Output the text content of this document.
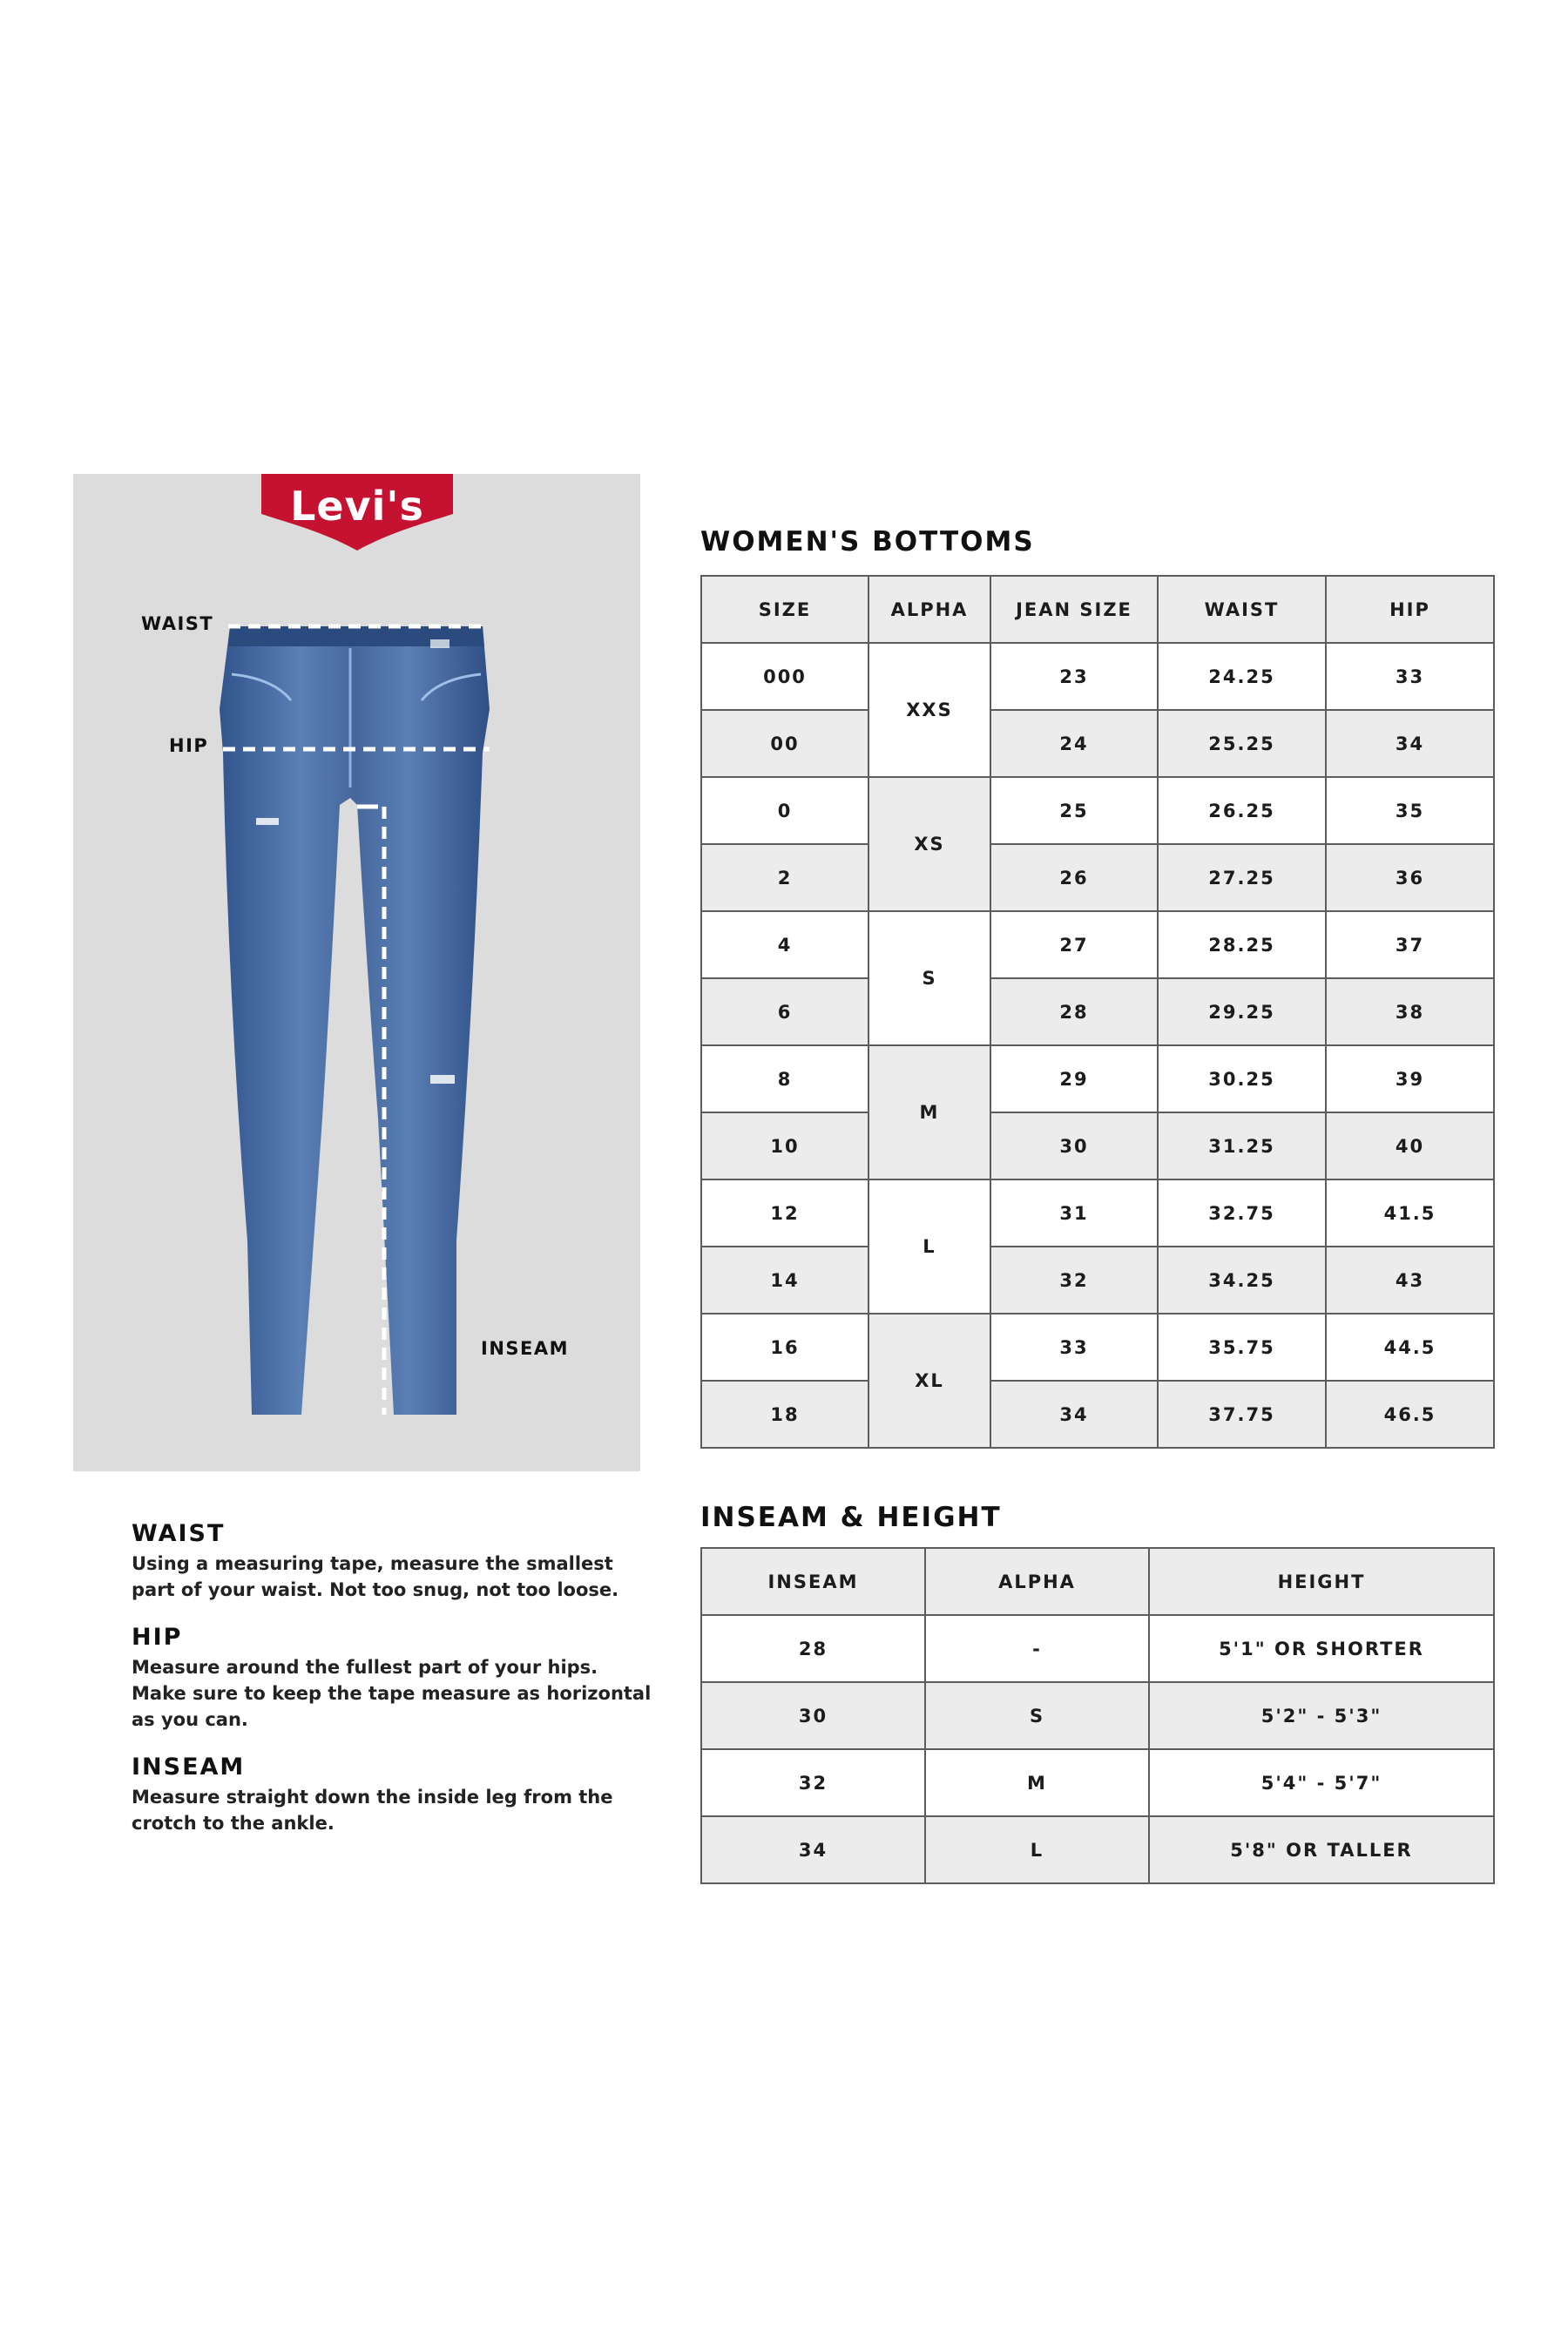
Levi's R
WAIST
HIP
INSEAM
WOMEN'S BOTTOMS
SIZE	ALPHA	JEAN SIZE	WAIST	HIP
000	XXS	23	24.25	33
00		24	25.25	34
0	XS	25	26.25	35
2		26	27.25	36
4	S	27	28.25	37
6		28	29.25	38
8	M	29	30.25	39
10		30	31.25	40
12	L	31	32.75	41.5
14		32	34.25	43
16	XL	33	35.75	44.5
18		34	37.75	46.5
INSEAM & HEIGHT
INSEAM	ALPHA	HEIGHT
28	-	5'1" OR SHORTER
30	S	5'2" - 5'3"
32	M	5'4" - 5'7"
34	L	5'8" OR TALLER
WAIST

Using a measuring tape, measure the smallest part of your waist. Not too snug, not too loose.

HIP

Measure around the fullest part of your hips. Make sure to keep the tape measure as horizontal as you can.

INSEAM

Measure straight down the inside leg from the crotch to the ankle.
